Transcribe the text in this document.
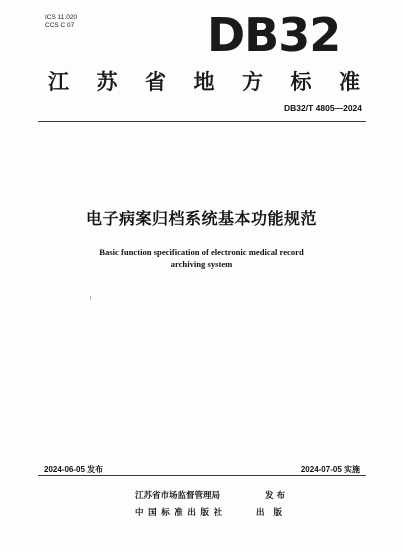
ICS 11.020
CCS C 07	DB32
江 苏 省 地 方 标 准
DB32/T 4805—2024
电子病案归档系统基本功能规范
Basic function specification of electronic medical record
archiving system
2024-06-05 发布	2024-07-05 实施
江苏省市场监督管理局	发 布
中国标准出版社	出 版
